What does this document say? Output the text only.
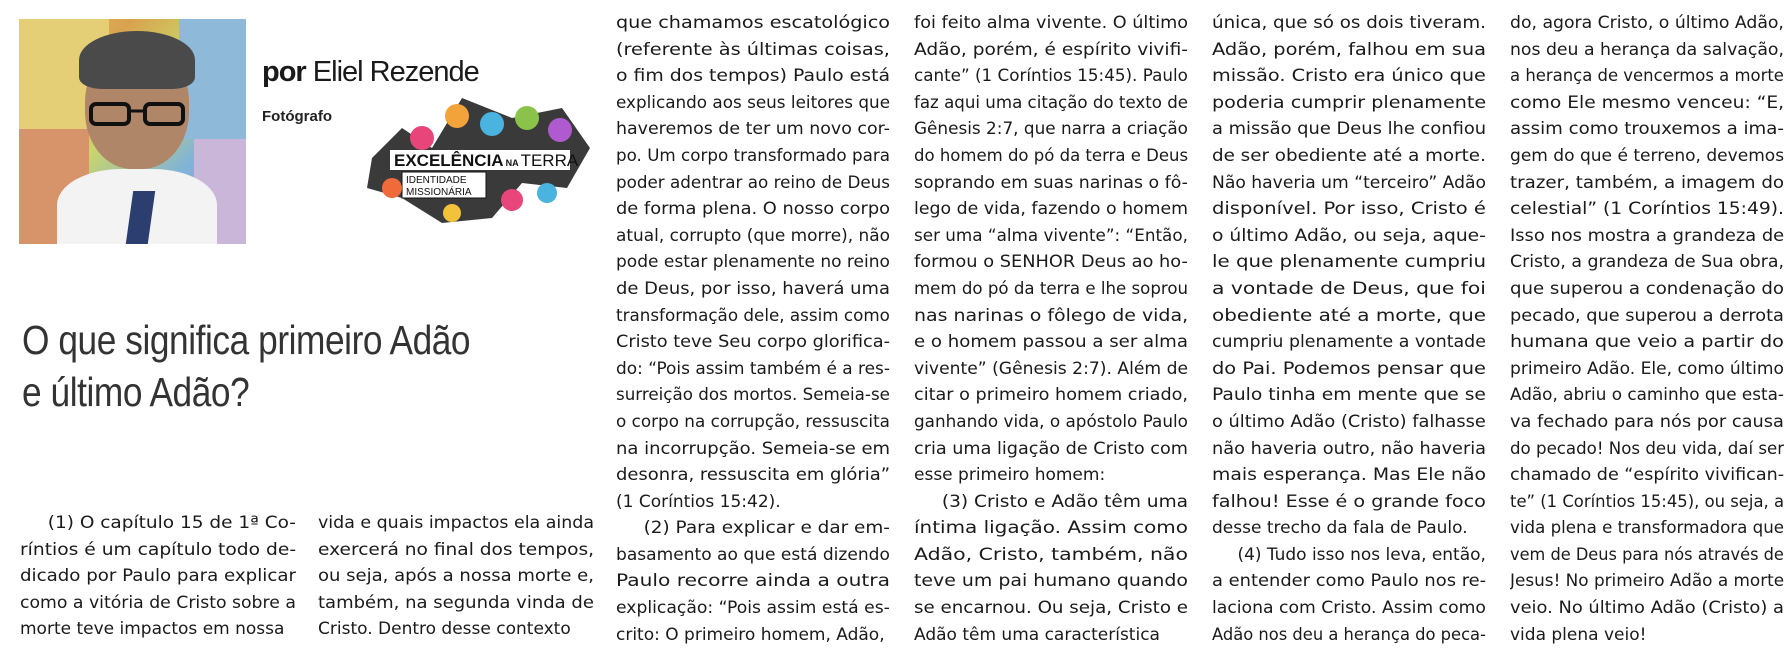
por Eliel Rezende
Fotógrafo
EXCELÊNCIA NA TERRA
IDENTIDADE
MISSIONÁRIA
O que significa primeiro Adão
e último Adão?
  (1) O capítulo 15 de 1ª Co-
ríntios é um capítulo todo de-
dicado por Paulo para explicar
como a vitória de Cristo sobre a
morte teve impactos em nossa
vida e quais impactos ela ainda
exercerá no final dos tempos,
ou seja, após a nossa morte e,
também, na segunda vinda de
Cristo. Dentro desse contexto
que chamamos escatológico
(referente às últimas coisas,
o fim dos tempos) Paulo está
explicando aos seus leitores que
haveremos de ter um novo cor-
po. Um corpo transformado para
poder adentrar ao reino de Deus
de forma plena. O nosso corpo
atual, corrupto (que morre), não
pode estar plenamente no reino
de Deus, por isso, haverá uma
transformação dele, assim como
Cristo teve Seu corpo glorifica-
do: “Pois assim também é a res-
surreição dos mortos. Semeia-se
o corpo na corrupção, ressuscita
na incorrupção. Semeia-se em
desonra, ressuscita em glória”
(1 Coríntios 15:42).
  (2) Para explicar e dar em-
basamento ao que está dizendo
Paulo recorre ainda a outra
explicação: “Pois assim está es-
crito: O primeiro homem, Adão,
foi feito alma vivente. O último
Adão, porém, é espírito vivifi-
cante” (1 Coríntios 15:45). Paulo
faz aqui uma citação do texto de
Gênesis 2:7, que narra a criação
do homem do pó da terra e Deus
soprando em suas narinas o fô-
lego de vida, fazendo o homem
ser uma “alma vivente”: “Então,
formou o SENHOR Deus ao ho-
mem do pó da terra e lhe soprou
nas narinas o fôlego de vida,
e o homem passou a ser alma
vivente” (Gênesis 2:7). Além de
citar o primeiro homem criado,
ganhando vida, o apóstolo Paulo
cria uma ligação de Cristo com
esse primeiro homem:
  (3) Cristo e Adão têm uma
íntima ligação. Assim como
Adão, Cristo, também, não
teve um pai humano quando
se encarnou. Ou seja, Cristo e
Adão têm uma característica
única, que só os dois tiveram.
Adão, porém, falhou em sua
missão. Cristo era único que
poderia cumprir plenamente
a missão que Deus lhe confiou
de ser obediente até a morte.
Não haveria um “terceiro” Adão
disponível. Por isso, Cristo é
o último Adão, ou seja, aque-
le que plenamente cumpriu
a vontade de Deus, que foi
obediente até a morte, que
cumpriu plenamente a vontade
do Pai. Podemos pensar que
Paulo tinha em mente que se
o último Adão (Cristo) falhasse
não haveria outro, não haveria
mais esperança. Mas Ele não
falhou! Esse é o grande foco
desse trecho da fala de Paulo.
  (4) Tudo isso nos leva, então,
a entender como Paulo nos re-
laciona com Cristo. Assim como
Adão nos deu a herança do peca-
do, agora Cristo, o último Adão,
nos deu a herança da salvação,
a herança de vencermos a morte
como Ele mesmo venceu: “E,
assim como trouxemos a ima-
gem do que é terreno, devemos
trazer, também, a imagem do
celestial” (1 Coríntios 15:49).
Isso nos mostra a grandeza de
Cristo, a grandeza de Sua obra,
que superou a condenação do
pecado, que superou a derrota
humana que veio a partir do
primeiro Adão. Ele, como último
Adão, abriu o caminho que esta-
va fechado para nós por causa
do pecado! Nos deu vida, daí ser
chamado de “espírito vivifican-
te” (1 Coríntios 15:45), ou seja, a
vida plena e transformadora que
vem de Deus para nós através de
Jesus! No primeiro Adão a morte
veio. No último Adão (Cristo) a
vida plena veio!
